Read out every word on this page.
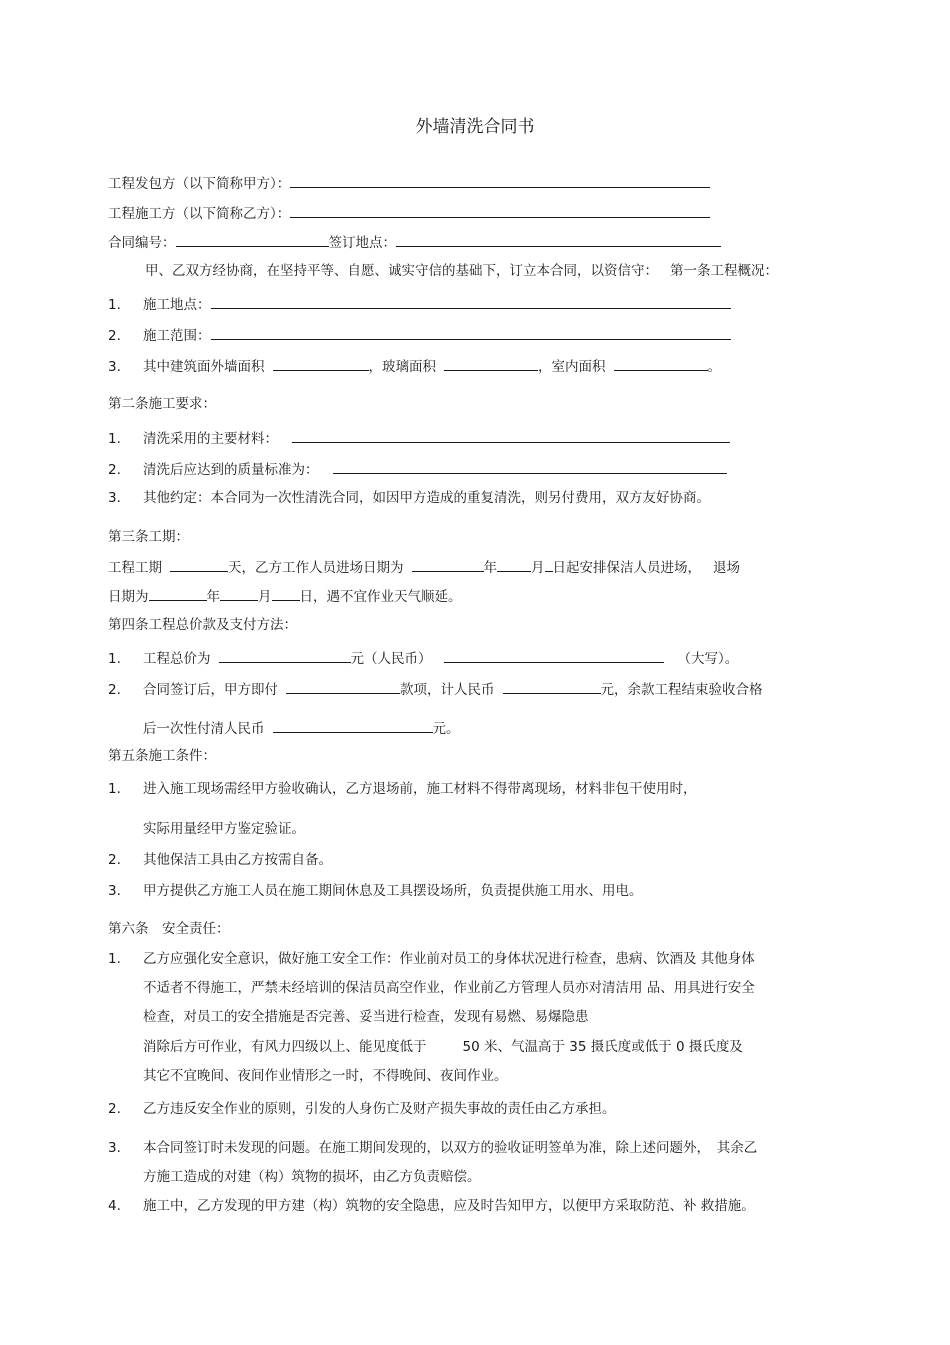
外墙清洗合同书
工程发包方（以下简称甲方）：
工程施工方（以下简称乙方）：
合同编号：	签订地点：
甲、乙双方经协商，在坚持平等、自愿、诚实守信的基础下，订立本合同，以资信守： 第一条工程概况：
1. 施工地点：
2. 施工范围：
3. 其中建筑面外墙面积	，玻璃面积	，室内面积	。
第二条施工要求：
1. 清洗采用的主要材料：
2. 清洗后应达到的质量标准为：
3. 其他约定：本合同为一次性清洗合同，如因甲方造成的重复清洗，则另付费用，双方友好协商。
第三条工期：
工程工期	天，乙方工作人员进场日期为	年	月 日起安排保洁人员进场， 退场
日期为	年	月 日，遇不宜作业天气顺延。
第四条工程总价款及支付方法：
1. 工程总价为	元（人民币）	（大写）。
2. 合同签订后，甲方即付	款项，计人民币	元，余款工程结束验收合格
后一次性付清人民币	元。
第五条施工条件：
1. 进入施工现场需经甲方验收确认，乙方退场前，施工材料不得带离现场，材料非包干使用时，
实际用量经甲方鉴定验证。
2. 其他保洁工具由乙方按需自备。
3. 甲方提供乙方施工人员在施工期间休息及工具摆设场所，负责提供施工用水、用电。
第六条　安全责任：
1. 乙方应强化安全意识，做好施工安全工作：作业前对员工的身体状况进行检查，患病、饮酒及 其他身体
不适者不得施工，严禁未经培训的保洁员高空作业，作业前乙方管理人员亦对清洁用 品、用具进行安全
检查，对员工的安全措施是否完善、妥当进行检查，发现有易燃、易爆隐患
消除后方可作业，有风力四级以上、能见度低于	50 米、气温高于 35 摄氏度或低于 0 摄氏度及
其它不宜晚间、夜间作业情形之一时，不得晚间、夜间作业。
2. 乙方违反安全作业的原则，引发的人身伤亡及财产损失事故的责任由乙方承担。
3. 本合同签订时未发现的问题。在施工期间发现的，以双方的验收证明签单为准，除上述问题外，　其余乙
方施工造成的对建（构）筑物的损坏，由乙方负责赔偿。
4. 施工中，乙方发现的甲方建（构）筑物的安全隐患，应及时告知甲方，以便甲方采取防范、补 救措施。
